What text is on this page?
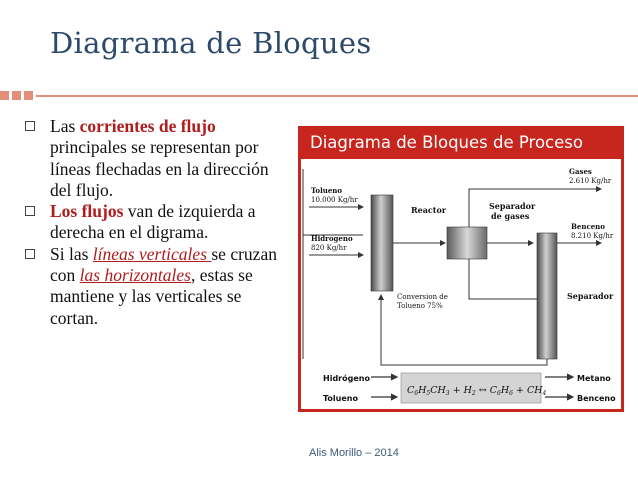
Diagrama de Bloques
Las corrientes de flujo principales se representan por líneas flechadas en la dirección del flujo.
Los flujos van de izquierda a derecha en el digrama.
Si las líneas verticales se cruzan con las horizontales, estas se mantiene y las verticales se cortan.
Diagrama de Bloques de Proceso
Tolueno
10.000 Kg/hr
Hidrogeno
820 Kg/hr
Reactor	Separador
de gases
Gases
2.610 Kg/hr
Benceno
8.210 Kg/hr
Separador
Conversion de
Tolueno 75%
Hidrógeno
Tolueno
Metano
Benceno
$C_6H_5CH_3 + H_2$ ↔ $C_6H_6 + CH_4$
Alis Morillo – 2014
